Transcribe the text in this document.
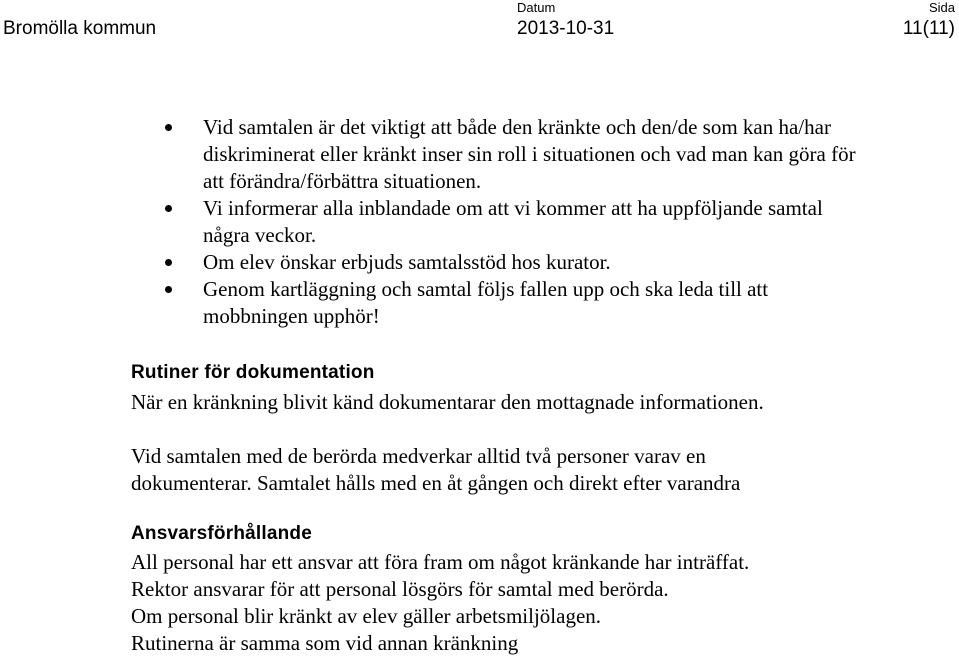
Bromölla kommun
Datum
2013-10-31
Sida
11(11)
Vid samtalen är det viktigt att både den kränkte och den/de som kan ha/har diskriminerat eller kränkt inser sin roll i situationen och vad man kan göra för att förändra/förbättra situationen.
Vi informerar alla inblandade om att vi kommer att ha uppföljande samtal några veckor.
Om elev önskar erbjuds samtalsstöd hos kurator.
Genom kartläggning och samtal följs fallen upp och ska leda till att mobbningen upphör!
Rutiner för dokumentation

När en kränkning blivit känd dokumentarar den mottagnade informationen.

Vid samtalen med de berörda medverkar alltid två personer varav en

dokumenterar. Samtalet hålls med en åt gången och direkt efter varandra

Ansvarsförhållande

All personal har ett ansvar att föra fram om något kränkande har inträffat.

Rektor ansvarar för att personal lösgörs för samtal med berörda.

Om personal blir kränkt av elev gäller arbetsmiljölagen.

Rutinerna är samma som vid annan kränkning
